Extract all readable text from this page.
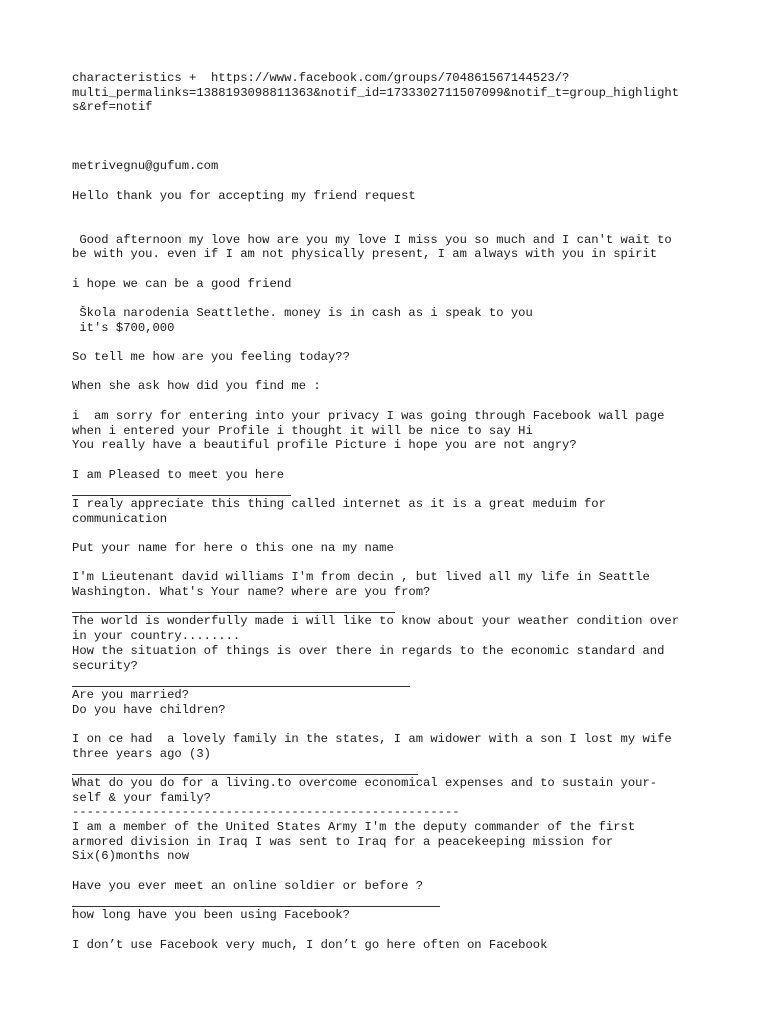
characteristics +  https://www.facebook.com/groups/704861567144523/?
multi_permalinks=1388193098811363&notif_id=1733302711507099&notif_t=group_highlight
s&ref=notif
metrivegnu@gufum.com
Hello thank you for accepting my friend request
Good afternoon my love how are you my love I miss you so much and I can't wait to
be with you. even if I am not physically present, I am always with you in spirit
i hope we can be a good friend
Škola narodenia Seattlethe. money is in cash as i speak to you
it's $700,000
So tell me how are you feeling today??
When she ask how did you find me :
i  am sorry for entering into your privacy I was going through Facebook wall page
when i entered your Profile i thought it will be nice to say Hi
You really have a beautiful profile Picture i hope you are not angry?
I am Pleased to meet you here
I realy appreciate this thing called internet as it is a great meduim for
communication
Put your name for here o this one na my name
I'm Lieutenant david williams I'm from decin , but lived all my life in Seattle
Washington. What's Your name? where are you from?
The world is wonderfully made i will like to know about your weather condition over
in your country........
How the situation of things is over there in regards to the economic standard and
security?
Are you married?
Do you have children?
I on ce had  a lovely family in the states, I am widower with a son I lost my wife
three years ago (3)
What do you do for a living.to overcome economical expenses and to sustain your-
self & your family?
-----------------------------------------------------
I am a member of the United States Army I'm the deputy commander of the first
armored division in Iraq I was sent to Iraq for a peacekeeping mission for
Six(6)months now
Have you ever meet an online soldier or before ?
how long have you been using Facebook?
I don’t use Facebook very much, I don’t go here often on Facebook
